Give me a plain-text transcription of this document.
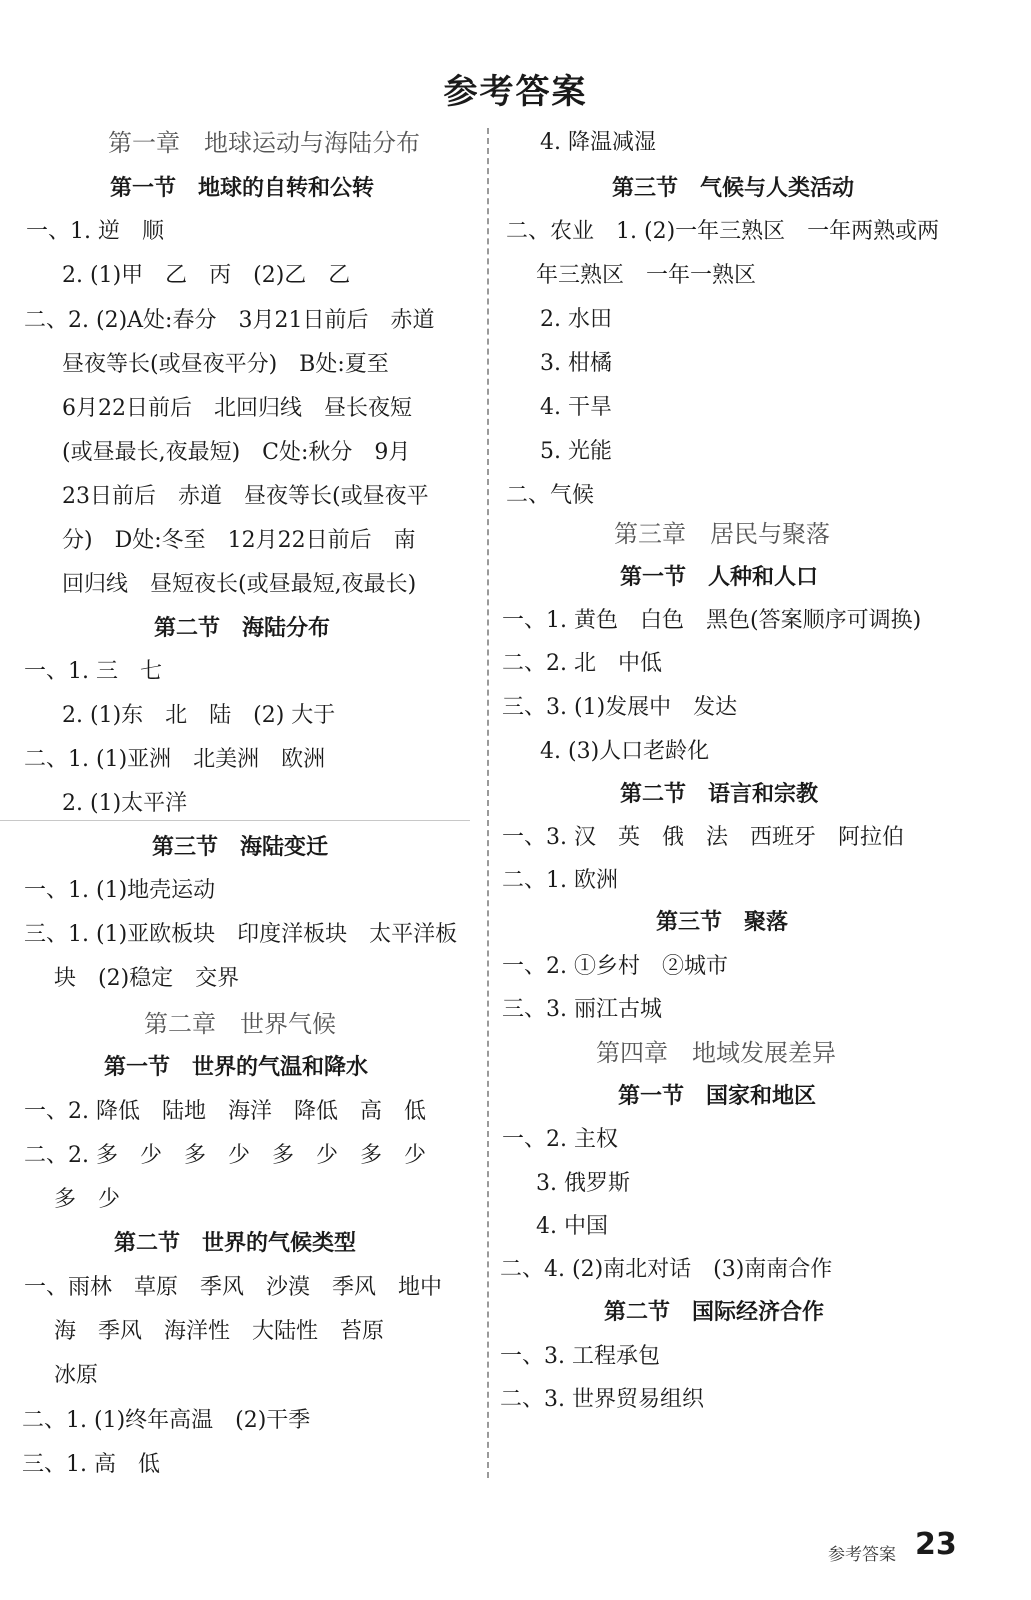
参考答案
第一章　地球运动与海陆分布
第一节　地球的自转和公转
一、1. 逆　顺
2. (1)甲　乙　丙　(2)乙　乙
二、2. (2)A处:春分　3月21日前后　赤道
昼夜等长(或昼夜平分)　B处:夏至
6月22日前后　北回归线　昼长夜短
(或昼最长,夜最短)　C处:秋分　9月
23日前后　赤道　昼夜等长(或昼夜平
分)　D处:冬至　12月22日前后　南
回归线　昼短夜长(或昼最短,夜最长)
第二节　海陆分布
一、1. 三　七
2. (1)东　北　陆　(2) 大于
二、1. (1)亚洲　北美洲　欧洲
2. (1)太平洋
第三节　海陆变迁
一、1. (1)地壳运动
三、1. (1)亚欧板块　印度洋板块　太平洋板
块　(2)稳定　交界
第二章　世界气候
第一节　世界的气温和降水
一、2. 降低　陆地　海洋　降低　高　低
二、2. 多　少　多　少　多　少　多　少
多　少
第二节　世界的气候类型
一、雨林　草原　季风　沙漠　季风　地中
海　季风　海洋性　大陆性　苔原
冰原
二、1. (1)终年高温　(2)干季
三、1. 高　低
4. 降温减湿
第三节　气候与人类活动
二、农业　1. (2)一年三熟区　一年两熟或两
年三熟区　一年一熟区
2. 水田
3. 柑橘
4. 干旱
5. 光能
二、气候
第三章　居民与聚落
第一节　人种和人口
一、1. 黄色　白色　黑色(答案顺序可调换)
二、2. 北　中低
三、3. (1)发展中　发达
4. (3)人口老龄化
第二节　语言和宗教
一、3. 汉　英　俄　法　西班牙　阿拉伯
二、1. 欧洲
第三节　聚落
一、2. ①乡村　②城市
三、3. 丽江古城
第四章　地域发展差异
第一节　国家和地区
一、2. 主权
3. 俄罗斯
4. 中国
二、4. (2)南北对话　(3)南南合作
第二节　国际经济合作
一、3. 工程承包
二、3. 世界贸易组织
参考答案 23
